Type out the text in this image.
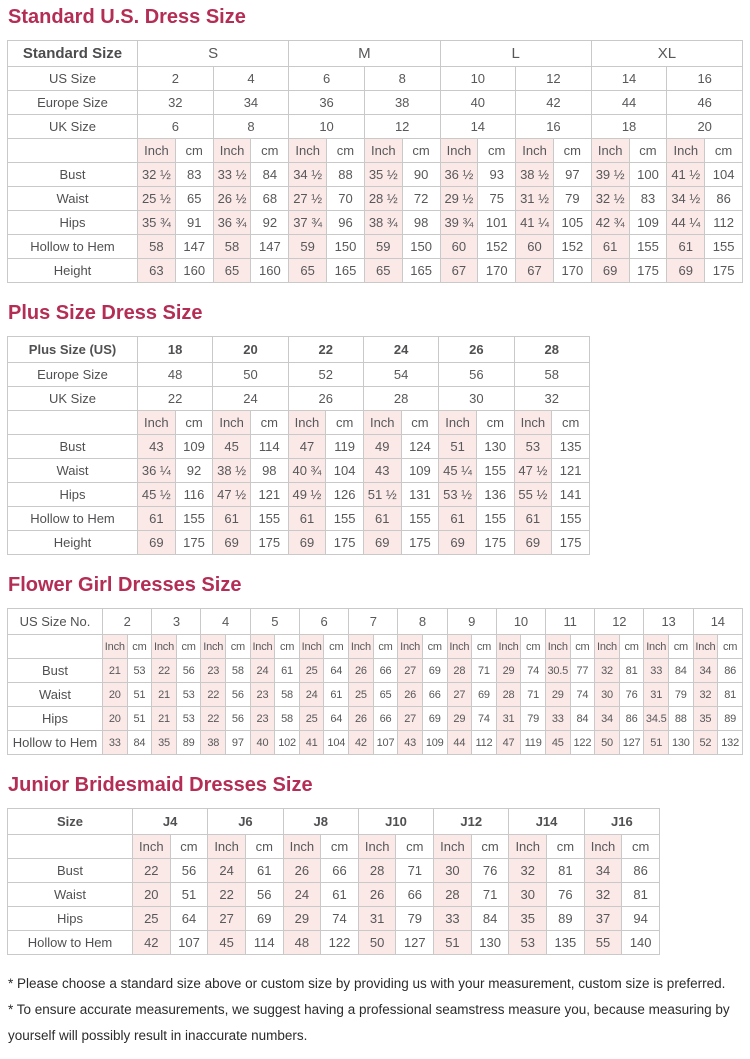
Standard U.S. Dress Size
Standard Size	S				M				L				XL			
US Size	2		4		6		8		10		12		14		16	
Europe Size	32		34		36		38		40		42		44		46	
UK Size	6		8		10		12		14		16		18		20	
	Inch	cm	Inch	cm	Inch	cm	Inch	cm	Inch	cm	Inch	cm	Inch	cm	Inch	cm
Bust	32 ½	83	33 ½	84	34 ½	88	35 ½	90	36 ½	93	38 ½	97	39 ½	100	41 ½	104
Waist	25 ½	65	26 ½	68	27 ½	70	28 ½	72	29 ½	75	31 ½	79	32 ½	83	34 ½	86
Hips	35 ¾	91	36 ¾	92	37 ¾	96	38 ¾	98	39 ¾	101	41 ¼	105	42 ¾	109	44 ¼	112
Hollow to Hem	58	147	58	147	59	150	59	150	60	152	60	152	61	155	61	155
Height	63	160	65	160	65	165	65	165	67	170	67	170	69	175	69	175
Plus Size Dress Size
Plus Size (US)	18		20		22		24		26		28	
Europe Size	48		50		52		54		56		58	
UK Size	22		24		26		28		30		32	
	Inch	cm	Inch	cm	Inch	cm	Inch	cm	Inch	cm	Inch	cm
Bust	43	109	45	114	47	119	49	124	51	130	53	135
Waist	36 ¼	92	38 ½	98	40 ¾	104	43	109	45 ¼	155	47 ½	121
Hips	45 ½	116	47 ½	121	49 ½	126	51 ½	131	53 ½	136	55 ½	141
Hollow to Hem	61	155	61	155	61	155	61	155	61	155	61	155
Height	69	175	69	175	69	175	69	175	69	175	69	175
Flower Girl Dresses Size
US Size No.	2		3		4		5		6		7		8		9		10		11		12		13		14	
	Inch	cm	Inch	cm	Inch	cm	Inch	cm	Inch	cm	Inch	cm	Inch	cm	Inch	cm	Inch	cm	Inch	cm	Inch	cm	Inch	cm	Inch	cm
Bust	21	53	22	56	23	58	24	61	25	64	26	66	27	69	28	71	29	74	30.5	77	32	81	33	84	34	86
Waist	20	51	21	53	22	56	23	58	24	61	25	65	26	66	27	69	28	71	29	74	30	76	31	79	32	81
Hips	20	51	21	53	22	56	23	58	25	64	26	66	27	69	29	74	31	79	33	84	34	86	34.5	88	35	89
Hollow to Hem	33	84	35	89	38	97	40	102	41	104	42	107	43	109	44	112	47	119	45	122	50	127	51	130	52	132
Junior Bridesmaid Dresses Size
Size	J4		J6		J8		J10		J12		J14		J16	
	Inch	cm	Inch	cm	Inch	cm	Inch	cm	Inch	cm	Inch	cm	Inch	cm
Bust	22	56	24	61	26	66	28	71	30	76	32	81	34	86
Waist	20	51	22	56	24	61	26	66	28	71	30	76	32	81
Hips	25	64	27	69	29	74	31	79	33	84	35	89	37	94
Hollow to Hem	42	107	45	114	48	122	50	127	51	130	53	135	55	140

* Please choose a standard size above or custom size by providing us with your measurement, custom size is preferred.

* To ensure accurate measurements, we suggest having a professional seamstress measure you, because measuring by yourself will possibly result in inaccurate numbers.
